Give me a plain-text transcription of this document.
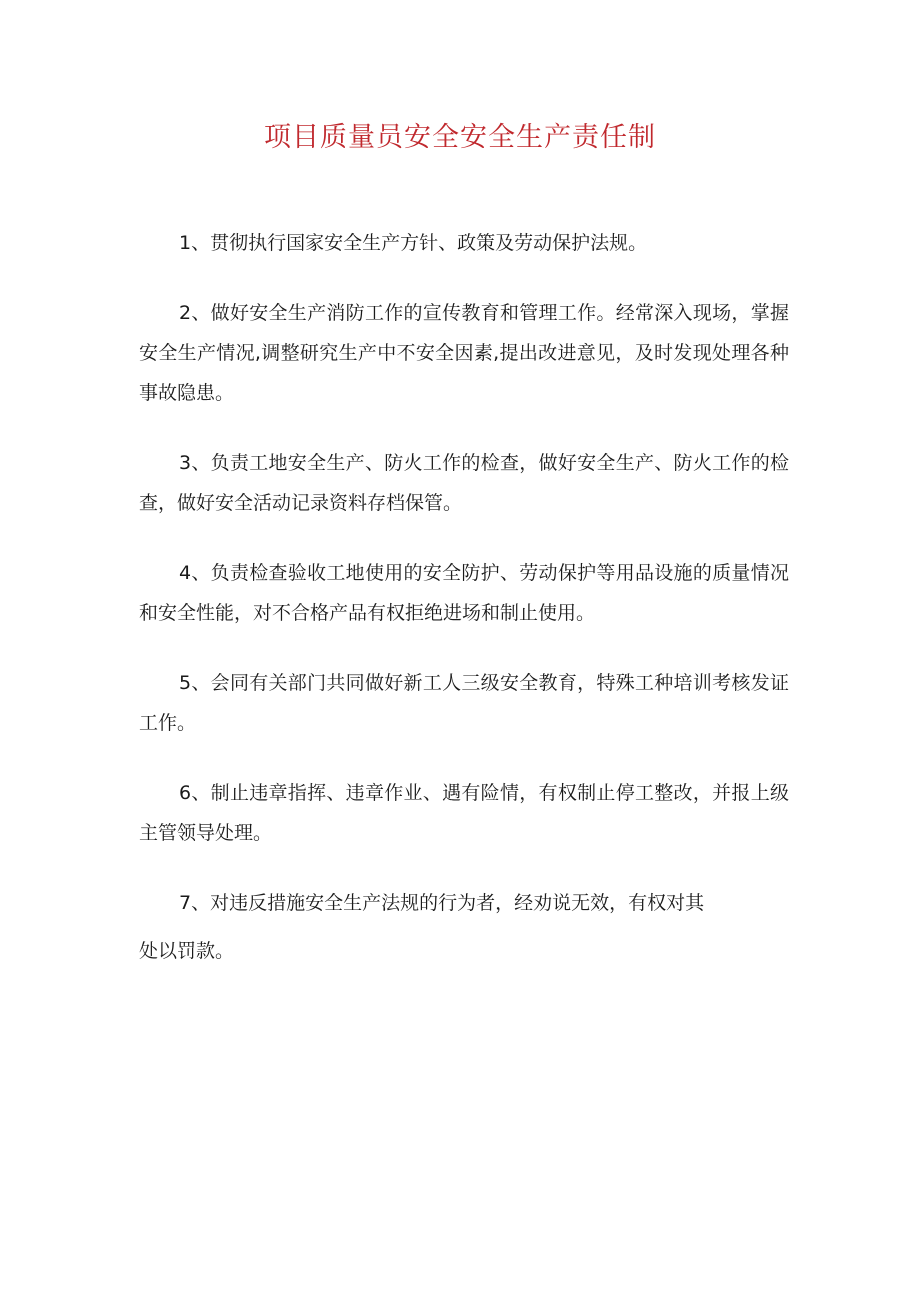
项目质量员安全安全生产责任制

1、贯彻执行国家安全生产方针、政策及劳动保护法规。

2、做好安全生产消防工作的宣传教育和管理工作。经常深入现场，掌握安全生产情况,调整研究生产中不安全因素,提出改进意见，及时发现处理各种事故隐患。

3、负责工地安全生产、防火工作的检查，做好安全生产、防火工作的检查，做好安全活动记录资料存档保管。

4、负责检查验收工地使用的安全防护、劳动保护等用品设施的质量情况和安全性能，对不合格产品有权拒绝进场和制止使用。

5、会同有关部门共同做好新工人三级安全教育，特殊工种培训考核发证工作。

6、制止违章指挥、违章作业、遇有险情，有权制止停工整改，并报上级主管领导处理。

7、对违反措施安全生产法规的行为者，经劝说无效，有权对其
处以罚款。
